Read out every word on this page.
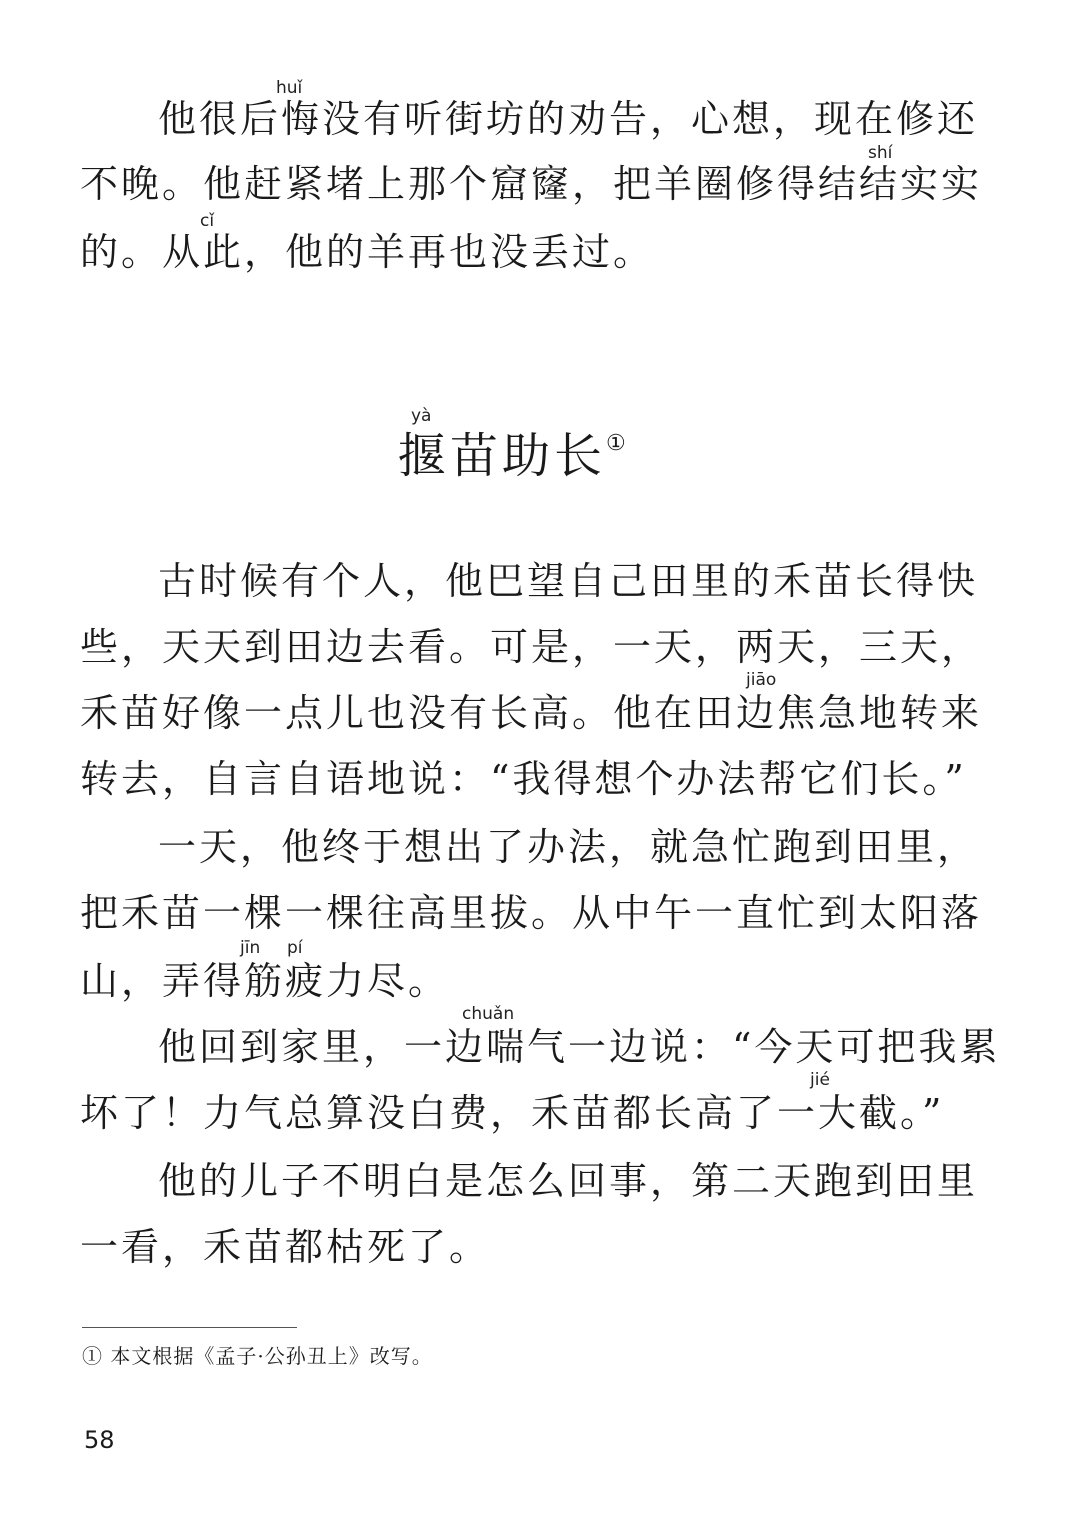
huǐ
他很后悔没有听街坊的劝告，心想，现在修还
shí
不晚。他赶紧堵上那个窟窿，把羊圈修得结结实实
cǐ
的。从此，他的羊再也没丢过。
yà
揠苗助长①
古时候有个人，他巴望自己田里的禾苗长得快
些，天天到田边去看。可是，一天，两天，三天，
jiāo
禾苗好像一点儿也没有长高。他在田边焦急地转来
转去，自言自语地说：“我得想个办法帮它们长。”
一天，他终于想出了办法，就急忙跑到田里，
把禾苗一棵一棵往高里拔。从中午一直忙到太阳落
jīn pí
山，弄得筋疲力尽。
chuǎn
他回到家里，一边喘气一边说：“今天可把我累
jié
坏了！力气总算没白费，禾苗都长高了一大截。”
他的儿子不明白是怎么回事，第二天跑到田里
一看，禾苗都枯死了。
① 本文根据《孟子·公孙丑上》改写。
58
